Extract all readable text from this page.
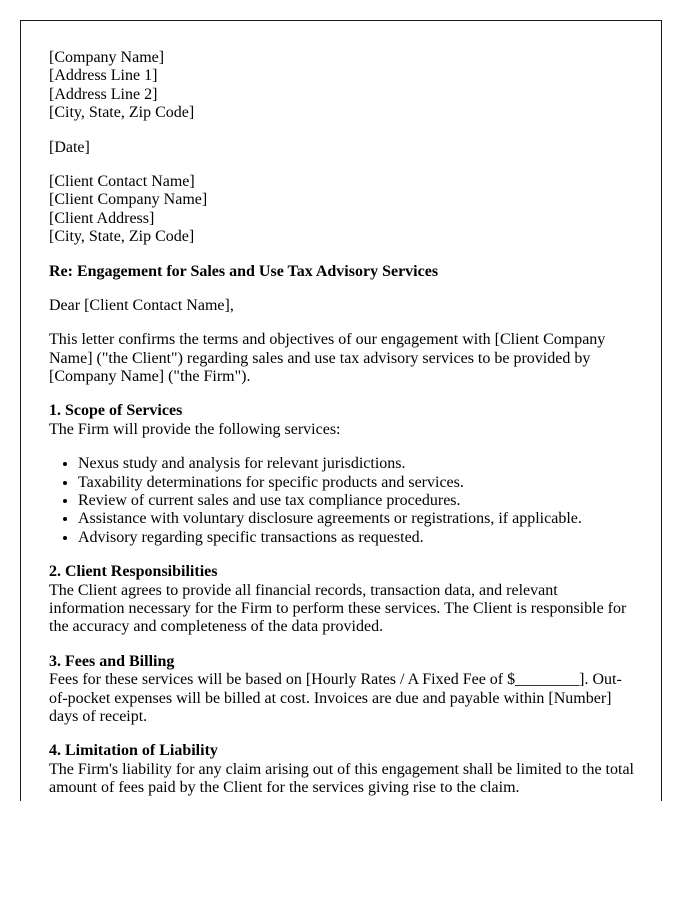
[Company Name]
[Address Line 1]
[Address Line 2]
[City, State, Zip Code]

[Date]

[Client Contact Name]
[Client Company Name]
[Client Address]
[City, State, Zip Code]

Re: Engagement for Sales and Use Tax Advisory Services

Dear [Client Contact Name],

This letter confirms the terms and objectives of our engagement with [Client Company Name] ("the Client") regarding sales and use tax advisory services to be provided by [Company Name] ("the Firm").

1. Scope of Services
The Firm will provide the following services:

• Nexus study and analysis for relevant jurisdictions.
• Taxability determinations for specific products and services.
• Review of current sales and use tax compliance procedures.
• Assistance with voluntary disclosure agreements or registrations, if applicable.
• Advisory regarding specific transactions as requested.

2. Client Responsibilities
The Client agrees to provide all financial records, transaction data, and relevant information necessary for the Firm to perform these services. The Client is responsible for the accuracy and completeness of the data provided.

3. Fees and Billing
Fees for these services will be based on [Hourly Rates / A Fixed Fee of $________]. Out-of-pocket expenses will be billed at cost. Invoices are due and payable within [Number] days of receipt.

4. Limitation of Liability
The Firm's liability for any claim arising out of this engagement shall be limited to the total amount of fees paid by the Client for the services giving rise to the claim.
